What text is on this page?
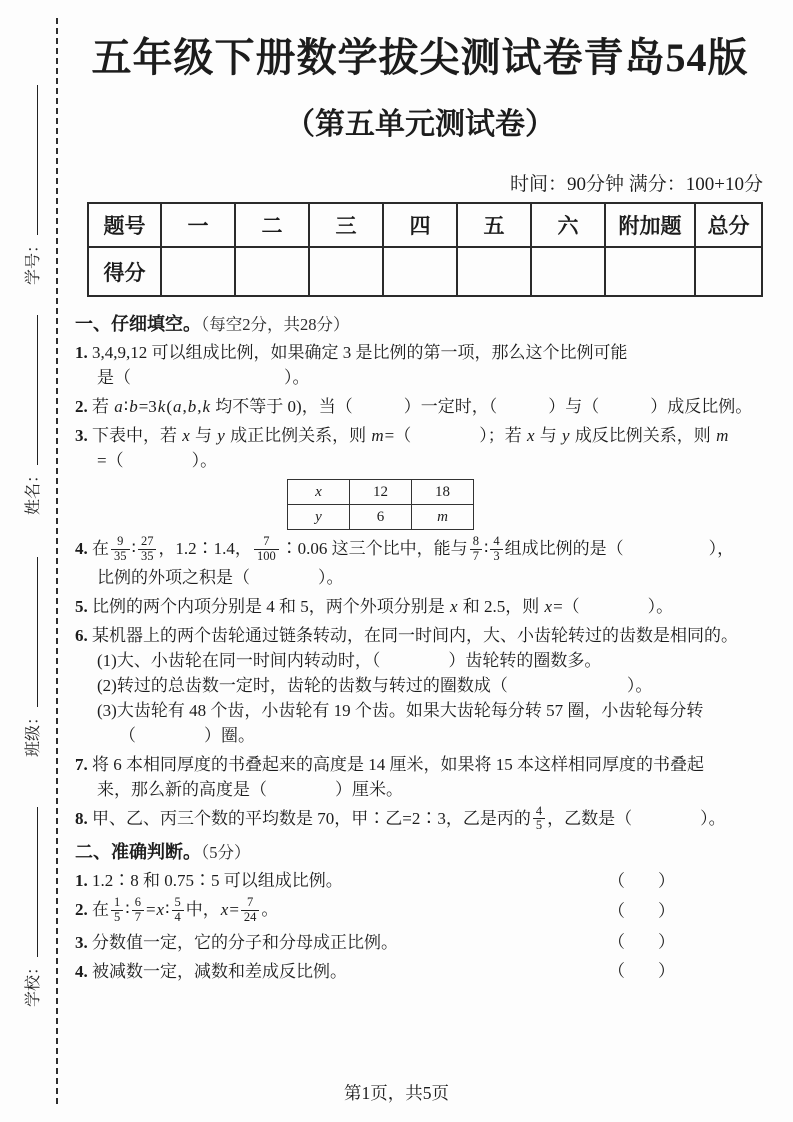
学号：
姓名：
班级：
学校：
五年级下册数学拔尖测试卷青岛54版
（第五单元测试卷）
时间：90分钟 满分：100+10分
题号	一	二	三	四	五	六	附加题	总分
得分								
一、仔细填空。（每空2分，共28分）
1. 3,4,9,12 可以组成比例，如果确定 3 是比例的第一项，那么这个比例可能
是（　　　　　　　　　）。
2. 若 a∶b=3k(a,b,k 均不等于 0)，当（　　　）一定时，（　　　）与（　　　）成反比例。
3. 下表中，若 x 与 y 成正比例关系，则 m=（　　　　）；若 x 与 y 成反比例关系，则 m
=（　　　　）。
x	12	18
y	6	m
4. 在 $\frac{9}{35}$ ∶ $\frac{27}{35}$ ，1.2∶1.4， $\frac{7}{100}$ ∶0.06 这三个比中，能与 $\frac{8}{7}$ ∶ $\frac{4}{3}$ 组成比例的是（　　　　　），
比例的外项之积是（　　　　）。
5. 比例的两个内项分别是 4 和 5，两个外项分别是 x 和 2.5，则 x=（　　　　）。
6. 某机器上的两个齿轮通过链条转动，在同一时间内，大、小齿轮转过的齿数是相同的。
(1)大、小齿轮在同一时间内转动时，（　　　　）齿轮转的圈数多。
(2)转过的总齿数一定时，齿轮的齿数与转过的圈数成（　　　　　　　）。
(3)大齿轮有 48 个齿，小齿轮有 19 个齿。如果大齿轮每分转 57 圈，小齿轮每分转
（　　　　）圈。
7. 将 6 本相同厚度的书叠起来的高度是 14 厘米，如果将 15 本这样相同厚度的书叠起
来，那么新的高度是（　　　　）厘米。
8. 甲、乙、丙三个数的平均数是 70，甲∶乙=2∶3，乙是丙的 $\frac{4}{5}$ ，乙数是（　　　　）。
二、准确判断。（5分）
1. 1.2∶8 和 0.75∶5 可以组成比例。	（　）
2. 在 $\frac{1}{5}$ ∶ $\frac{6}{7}$ =x∶ $\frac{5}{4}$ 中，$x= \frac{7}{24}$ 。	（　）
3. 分数值一定，它的分子和分母成正比例。	（　）
4. 被减数一定，减数和差成反比例。	（　）
第1页，共5页
